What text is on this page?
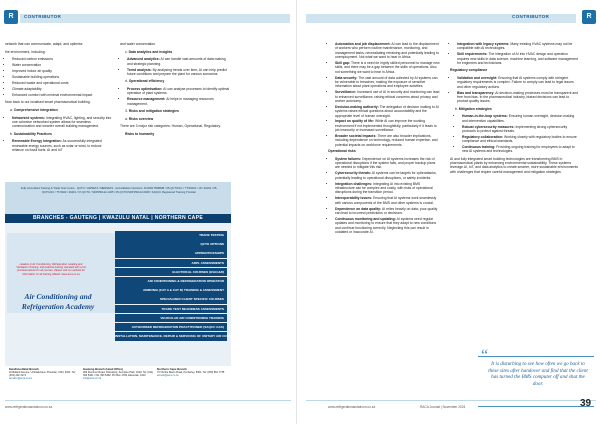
R	CONTRIBUTOR

network that can communicate, adapt, and optimise

the environment, including:

• Reduced carbon emissions
• Water conservation
• Improved indoor air quality
• Sustainable building operations
• Reduced waste and operational costs
• Climate adaptability
• Enhanced comfort with minimal environmental impact

Now back to our localised smart pharmaceutical building.

a. Comprehensive integration

• Networked systems: Integrating HVAC, lighting, and security into one cohesive networked system allows for seamless communication and smarter overall building management.

b. Sustainability Practices

• Renewable Energy Integration: As successfully integrated renewable energy sources, such as solar or wind, to reduce reliance on fossil fuels. AI and IoT

and water conservation.

c. Data analytics and insights

• Advanced analytics: AI can handle vast amounts of data making and strategic planning.
• Trend analysis: By analysing trends over time, AI can help predict future conditions and prepare the plant for various scenarios.

d. Operational efficiency

• Process optimisation: AI can analyse processes to identify optimal operation of plant systems.
• Resource management: AI helps in managing resources management.

3. Risks and mitigation strategies

a. Risks overview

There are 3 major risk categories: Human, Operational, Regulatory.

Risks to humanity

Fully Accredited Training & Trade Test Centre - QCTO / HWSETA / MERSETA - Accreditation Numbers: AC0001759MMB / 05-QCTO/AC / TT/29022 / 18 / 21062 / 05-QCTO/AC / TT/2022 / 26419 / 07-QCTO / SDP250122-1325 / 05-QCTO/SDP150122-0928 / SAQCC Registered Training Provider
BRANCHES - GAUTENG | KWAZULU NATAL | NORTHERN CAPE
Leaders in Air Conditioning, Refrigeration, Heating and Ventilation Training. International training standard with a full practical element to all courses. Please visit our website for information on all training offered. www.acra.co.za
Air Conditioning and Refrigeration Academy
TRADE TESTING
QCTO OPTIONS
APPRENTICESHIPS
ARPL ASSESSMENTS
ELECTRICAL COURSES (HVAC&R)
AIR CONDITIONING & REFRIGERATION OPERATOR
AMMONIA (CAT A & CAT B) TRAINING & ASSESSMENT
SPECIALISED CLIENT SPECIFIC COURSES
TRADE TEST READINESS ASSESSMENTS
VEHICULAR AIR CONDITIONING TRAINING
AUTHORISED REFRIGERATION PRACTITIONER (SAQCC GAS)
INSTALLATION, MAINTENANCE, REPAIR & SERVICING OF UNITARY AIR CONDITIONING UNITS
KwaZulu-Natal Branch
10 Bollard Avenue, Umhlatuzana, Pinetown, KZN, 4001. Tel: (031) 202 3174
acrakzn@acra.co.za
Gauteng Branch (Head Office)
282 Klemmer Road, Chloorkop, Kempton Park, 1619. Tel: (011) 393 5461 / 011 393 5462. PO Box 1709, Edenvale, 1610
info@acra.co.za
Northern Cape Branch
70 Old De Beers Road, Kimberley, 8301. Tel: (053) 861 7735
acrank@acra.co.za
www.refrigerationandaircon.co.za
CONTRIBUTOR	R
• Automation and job displacement: AI can lead to the displacement of workers who perform routine maintenance, monitoring, and management tasks, necessitating retraining and potentially leading to unemployment. Not what we want to hear in Africa.
• Skill gap: There is a need for highly skilled personnel to manage new skills, and there may be a gap between the skills of operations. Also not something we want to hear in Africa.
• Data security: The vast amount of data collected by AI systems can be vulnerable to breaches, making the exposure of sensitive information about plant operations and employee activities.
• Surveillance: Increased use of AI in security and monitoring can lead to enhanced surveillance, raising ethical concerns about privacy and worker autonomy.
• Decision-making authority: The delegation of decision making to AI systems raises ethical questions about accountability and the appropriate level of human oversight.
• Impact on quality of life: While AI can improve the working environment if not implemented thoughtfully, particularly if it leads to job insecurity or increased surveillance.
• Broader societal impacts: There are also broader implications, including dependence on technology, reduced human expertise, and potential impacts on workforce requirements.

Operational risks

• System failures: Dependence on AI systems increases the risk of operational disruptions if the system fails, and proper backup plans are needed to mitigate this risk.
• Cybersecurity threats: AI systems can be targets for cyberattacks, potentially leading to operational disruptions, or safety incidents.
• Integration challenges: Integrating AI into existing BMS infrastructure can be complex and costly, with risks of operational disruptions during the transition period.
• Interoperability issues: Ensuring that AI systems work seamlessly with various components of the BMS and other systems is crucial.
• Dependence on data quality: AI relies heavily on data; poor quality can lead to incorrect predictions or decisions.
• Continuous monitoring and updating: AI systems need regular updates and monitoring to ensure that they adapt to new conditions and continue functioning correctly. Neglecting this can result in outdated or inaccurate AI.
• Integration with legacy systems: Many existing HVAC systems may not be compatible with AI technologies.
• Skill requirements: The integration of AI into HVAC design and operation requires new skills in data science, machine learning, and software management for engineers and technicians.

Regulatory compliance

• Validation and oversight: Ensuring that AI systems comply with stringent regulatory requirements is complex. Failure to comply can lead to legal issues and other regulatory actions.
• Bias and transparency: AI decision-making processes must be transparent and free from bias. In the pharmaceutical industry, biased decisions can lead to product quality issues.

b. Mitigation strategies

• Human-in-the-loop systems: Ensuring human oversight, decision making and intervention capabilities.
• Robust cybersecurity measures: Implementing strong cybersecurity protocols to protect against threats.
• Regulatory collaboration: Working closely with regulatory bodies to ensure compliance and ethical standards.
• Continuous training: Providing ongoing training for employees to adapt to new AI systems and technologies.

AI and fully integrated smart building technologies are transforming BMS in pharmaceutical plants by enhancing environmental sustainability. These systems leverage AI, IoT, and data analytics to create smarter, more sustainable environments with challenges that require careful management and mitigation strategies.

www.refrigerationandaircon.co.za
“ It is disturbing to see how often we go back to these sites after handover and find that the client has turned the BMS computer off and shut the door.
RACA Journal | November 2024	39
